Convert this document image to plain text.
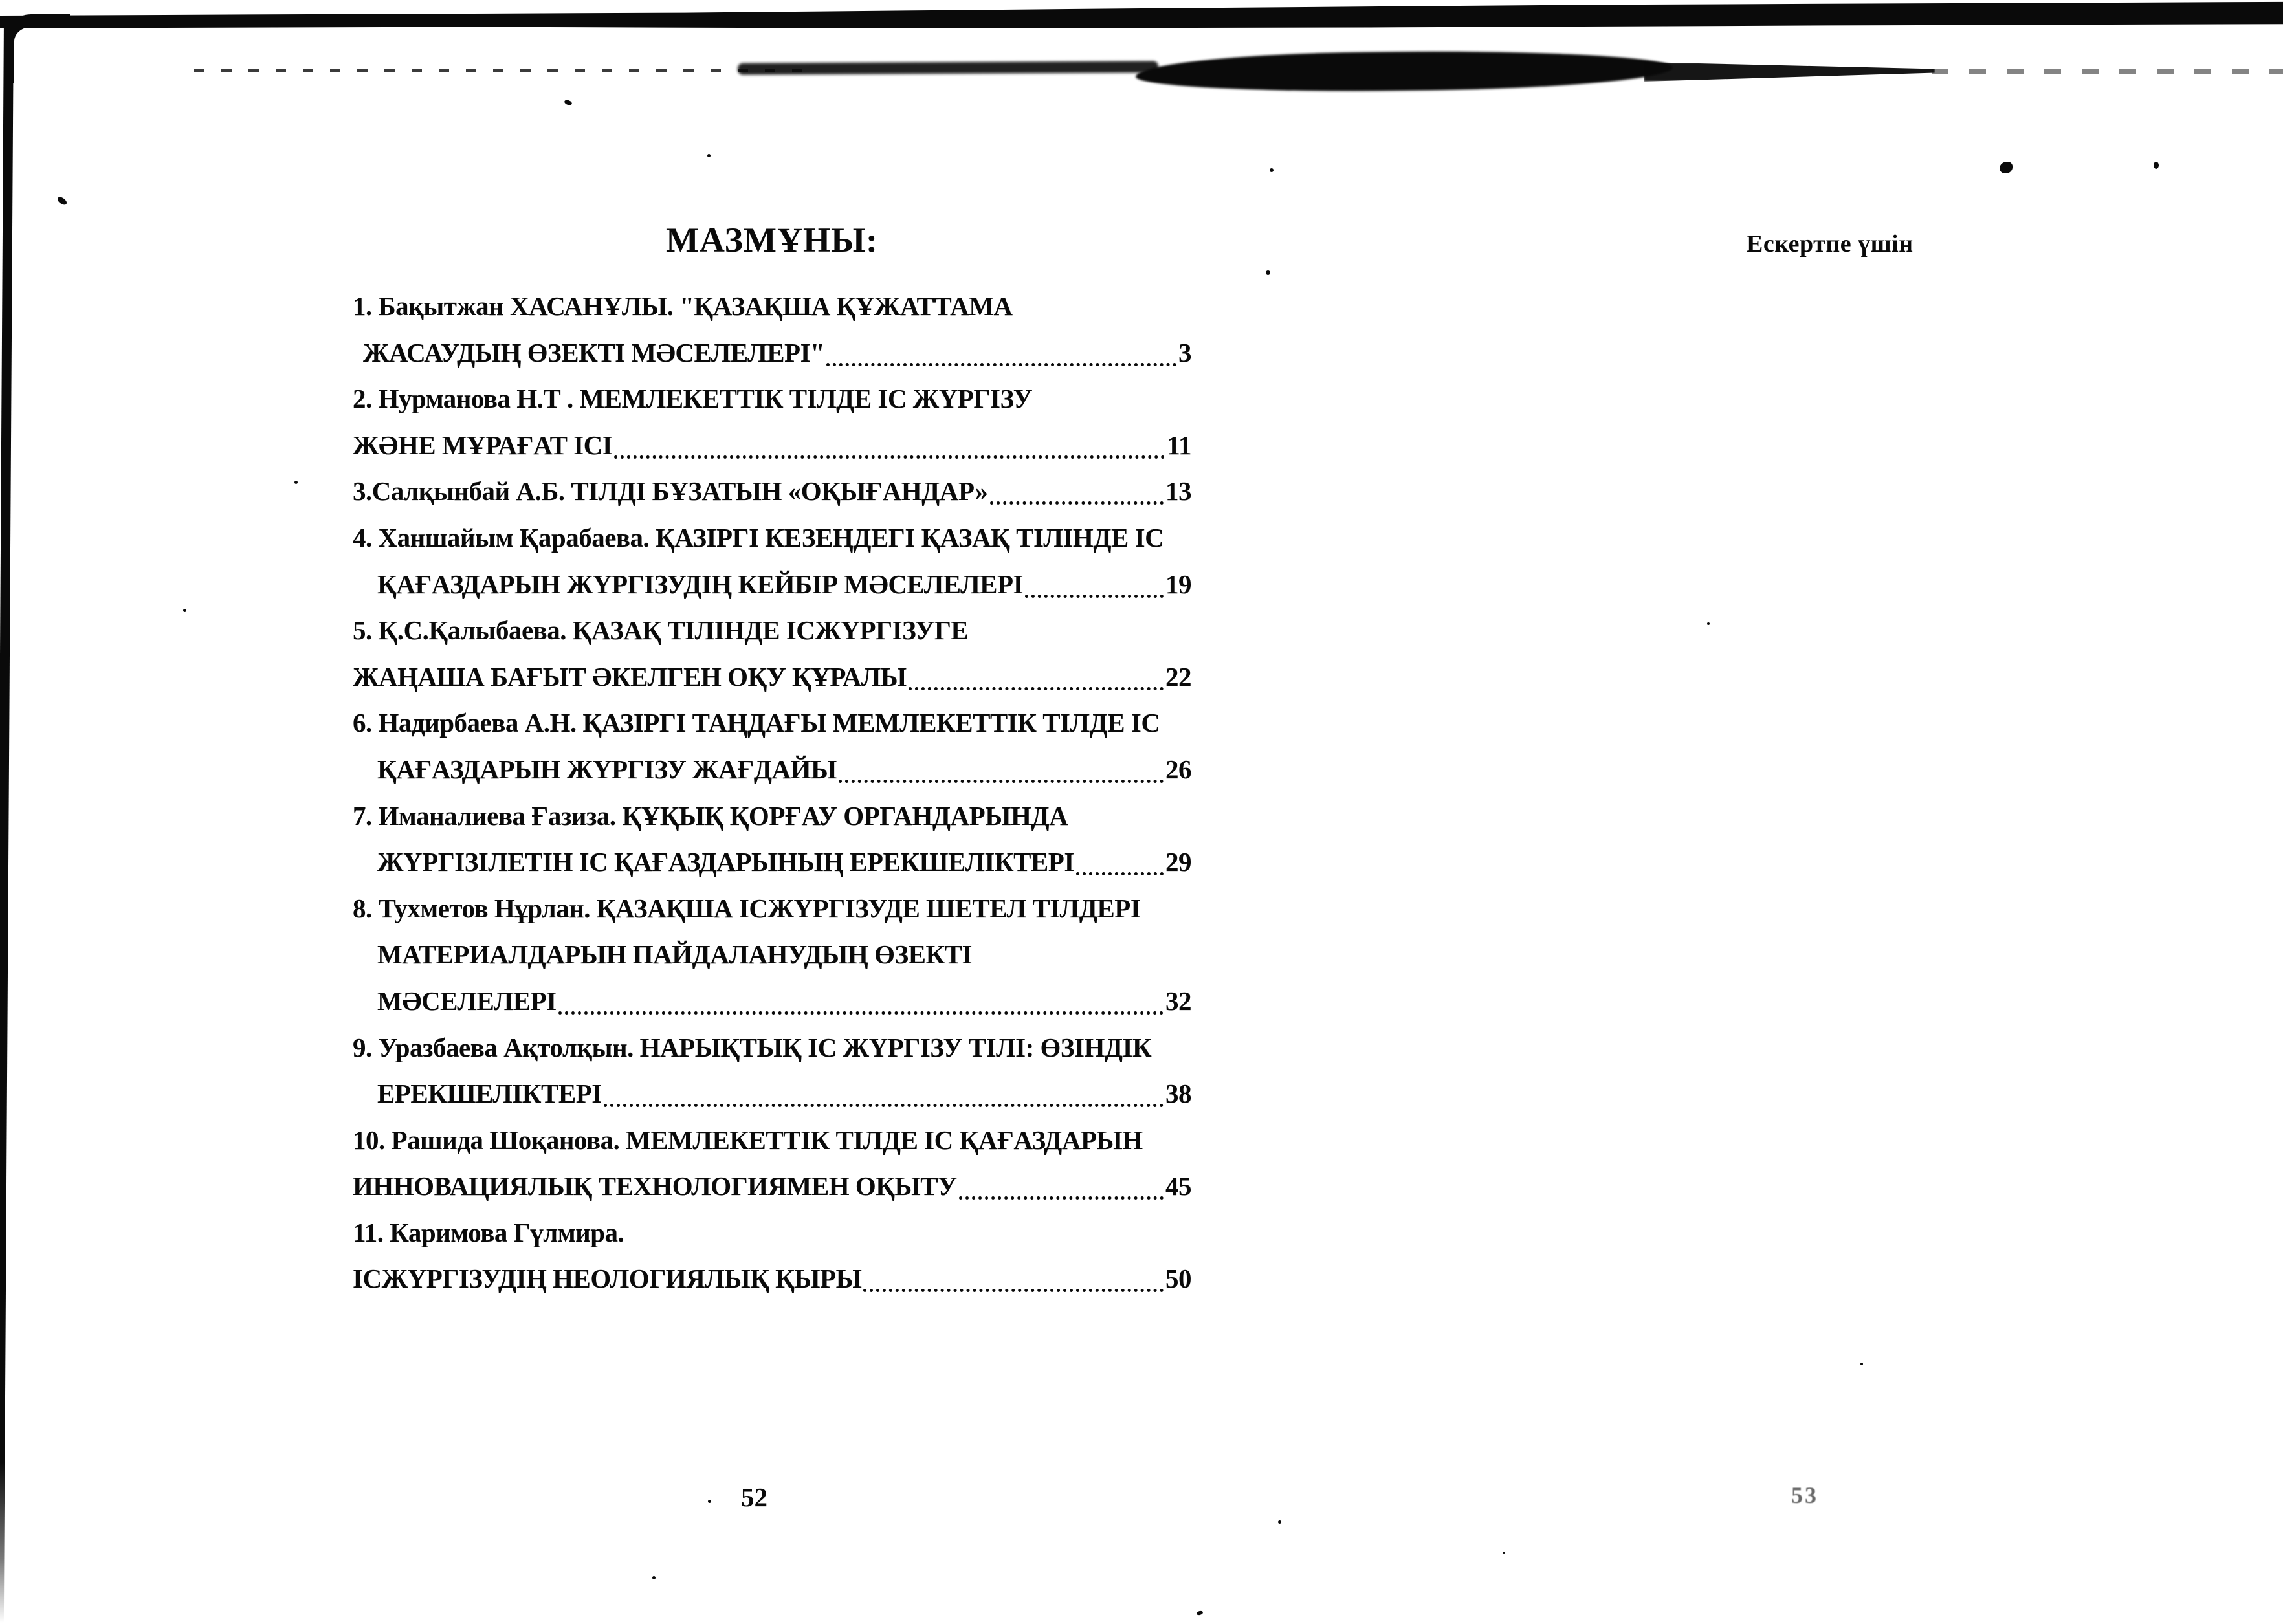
МАЗМҰНЫ:
1. Бақытжан ХАСАНҰЛЫ. "ҚАЗАҚША ҚҰЖАТТАМА
ЖАСАУДЫҢ ӨЗЕКТІ МӘСЕЛЕЛЕРІ"	3
2. Нурманова Н.Т . МЕМЛЕКЕТТІК ТІЛДЕ ІС ЖҮРГІЗУ
ЖӘНЕ МҰРАҒАТ ІСІ	11
3.Салқынбай А.Б. ТІЛДІ БҰЗАТЫН «ОҚЫҒАНДАР»	13
4. Ханшайым Қарабаева. ҚАЗІРГІ КЕЗЕҢДЕГІ ҚАЗАҚ ТІЛІНДЕ ІС
ҚАҒАЗДАРЫН ЖҮРГІЗУДІҢ КЕЙБІР МӘСЕЛЕЛЕРІ	19
5. Қ.С.Қалыбаева. ҚАЗАҚ ТІЛІНДЕ ІСЖҮРГІЗУГЕ
ЖАҢАША БАҒЫТ ӘКЕЛГЕН ОҚУ ҚҰРАЛЫ	22
6. Надирбаева А.Н. ҚАЗІРГІ ТАҢДАҒЫ МЕМЛЕКЕТТІК ТІЛДЕ ІС
ҚАҒАЗДАРЫН ЖҮРГІЗУ ЖАҒДАЙЫ	26
7. Иманалиева Ғазиза. ҚҰҚЫҚ ҚОРҒАУ ОРГАНДАРЫНДА
ЖҮРГІЗІЛЕТІН ІС ҚАҒАЗДАРЫНЫҢ ЕРЕКШЕЛІКТЕРІ	29
8. Тухметов Нұрлан. ҚАЗАҚША ІСЖҮРГІЗУДЕ ШЕТЕЛ ТІЛДЕРІ
МАТЕРИАЛДАРЫН ПАЙДАЛАНУДЫҢ ӨЗЕКТІ
МӘСЕЛЕЛЕРІ	32
9. Уразбаева Ақтолқын. НАРЫҚТЫҚ ІС ЖҮРГІЗУ ТІЛІ: ӨЗІНДІК
ЕРЕКШЕЛІКТЕРІ	38
10. Рашида Шоқанова. МЕМЛЕКЕТТІК ТІЛДЕ ІС ҚАҒАЗДАРЫН
ИННОВАЦИЯЛЫҚ ТЕХНОЛОГИЯМЕН ОҚЫТУ	45
11. Каримова Гүлмира.
ІСЖҮРГІЗУДІҢ НЕОЛОГИЯЛЫҚ ҚЫРЫ	50
52
Ескертпе үшін
53
